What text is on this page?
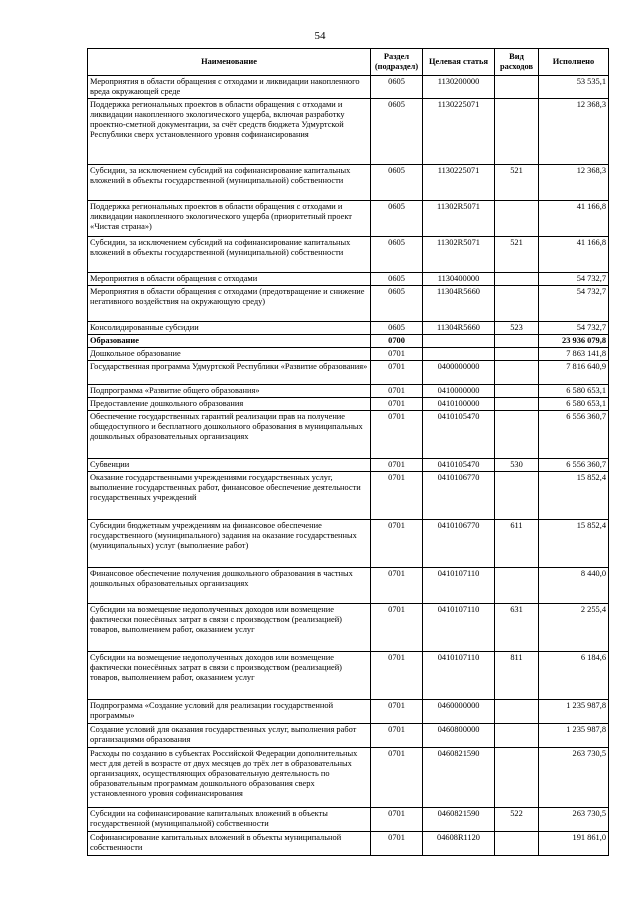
54
Наименование	Раздел (подраздел)	Целевая статья	Вид расходов	Исполнено
Мероприятия в области обращения с отходами и ликвидации накопленного вреда окружающей среде	0605	1130200000		53 535,1
Поддержка региональных проектов в области обращения с отходами и ликвидации накопленного экологического ущерба, включая разработку проектно-сметной документации, за счёт средств бюджета Удмуртской Республики сверх установленного уровня софинансирования	0605	1130225071		12 368,3
Субсидии, за исключением субсидий на софинансирование капитальных вложений в объекты государственной (муниципальной) собственности	0605	1130225071	521	12 368,3
Поддержка региональных проектов в области обращения с отходами и ликвидации накопленного экологического ущерба (приоритетный проект «Чистая страна»)	0605	11302R5071		41 166,8
Субсидии, за исключением субсидий на софинансирование капитальных вложений в объекты государственной (муниципальной) собственности	0605	11302R5071	521	41 166,8
Мероприятия в области обращения с отходами	0605	1130400000		54 732,7
Мероприятия в области обращения с отходами (предотвращение и снижение негативного воздействия на окружающую среду)	0605	11304R5660		54 732,7
Консолидированные субсидии	0605	11304R5660	523	54 732,7
Образование	0700			23 936 079,8
Дошкольное образование	0701			7 863 141,8
Государственная программа Удмуртской Республики «Развитие образования»	0701	0400000000		7 816 640,9
Подпрограмма «Развитие общего образования»	0701	0410000000		6 580 653,1
Предоставление дошкольного образования	0701	0410100000		6 580 653,1
Обеспечение государственных гарантий реализации прав на получение общедоступного и бесплатного дошкольного образования в муниципальных дошкольных образовательных организациях	0701	0410105470		6 556 360,7
Субвенции	0701	0410105470	530	6 556 360,7
Оказание государственными учреждениями государственных услуг, выполнение государственных работ, финансовое обеспечение деятельности государственных учреждений	0701	0410106770		15 852,4
Субсидии бюджетным учреждениям на финансовое обеспечение государственного (муниципального) задания на оказание государственных (муниципальных) услуг (выполнение работ)	0701	0410106770	611	15 852,4
Финансовое обеспечение получения дошкольного образования в частных дошкольных образовательных организациях	0701	0410107110		8 440,0
Субсидии на возмещение недополученных доходов или возмещение фактически понесённых затрат в связи с производством (реализацией) товаров, выполнением работ, оказанием услуг	0701	0410107110	631	2 255,4
Субсидии на возмещение недополученных доходов или возмещение фактически понесённых затрат в связи с производством (реализацией) товаров, выполнением работ, оказанием услуг	0701	0410107110	811	6 184,6
Подпрограмма «Создание условий для реализации государственной программы»	0701	0460000000		1 235 987,8
Создание условий для оказания государственных услуг, выполнения работ организациями образования	0701	0460800000		1 235 987,8
Расходы по созданию в субъектах Российской Федерации дополнительных мест для детей в возрасте от двух месяцев до трёх лет в образовательных организациях, осуществляющих образовательную деятельность по образовательным программам дошкольного образования сверх установленного уровня софинансирования	0701	0460821590		263 730,5
Субсидии на софинансирование капитальных вложений в объекты государственной (муниципальной) собственности	0701	0460821590	522	263 730,5
Софинансирование капитальных вложений в объекты муниципальной собственности	0701	04608R1120		191 861,0
